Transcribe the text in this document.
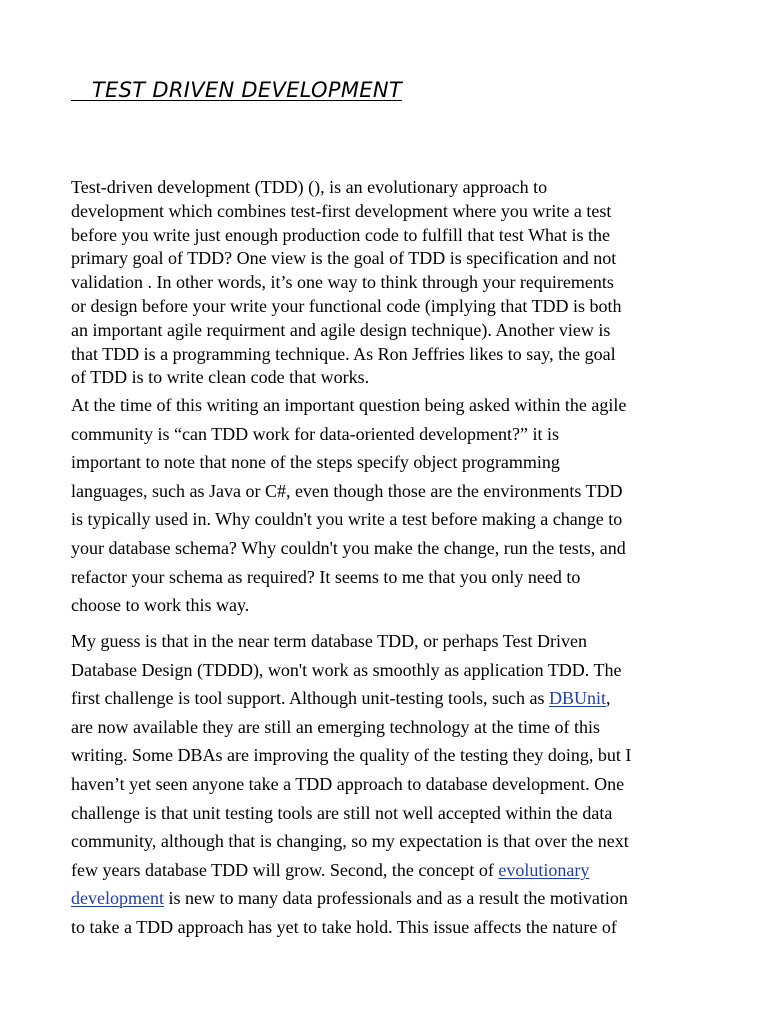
TEST DRIVEN DEVELOPMENT

Test-driven development (TDD) (), is an evolutionary approach to
development which combines test-first development where you write a test
before you write just enough production code to fulfill that test What is the
primary goal of TDD? One view is the goal of TDD is specification and not
validation . In other words, it’s one way to think through your requirements
or design before your write your functional code (implying that TDD is both
an important agile requirment and agile design technique). Another view is
that TDD is a programming technique. As Ron Jeffries likes to say, the goal
of TDD is to write clean code that works.

At the time of this writing an important question being asked within the agile
community is “can TDD work for data-oriented development?” it is
important to note that none of the steps specify object programming
languages, such as Java or C#, even though those are the environments TDD
is typically used in. Why couldn't you write a test before making a change to
your database schema? Why couldn't you make the change, run the tests, and
refactor your schema as required? It seems to me that you only need to
choose to work this way.

My guess is that in the near term database TDD, or perhaps Test Driven
Database Design (TDDD), won't work as smoothly as application TDD. The
first challenge is tool support. Although unit-testing tools, such as DBUnit,
are now available they are still an emerging technology at the time of this
writing. Some DBAs are improving the quality of the testing they doing, but I
haven’t yet seen anyone take a TDD approach to database development. One
challenge is that unit testing tools are still not well accepted within the data
community, although that is changing, so my expectation is that over the next
few years database TDD will grow. Second, the concept of evolutionary
development is new to many data professionals and as a result the motivation
to take a TDD approach has yet to take hold. This issue affects the nature of
